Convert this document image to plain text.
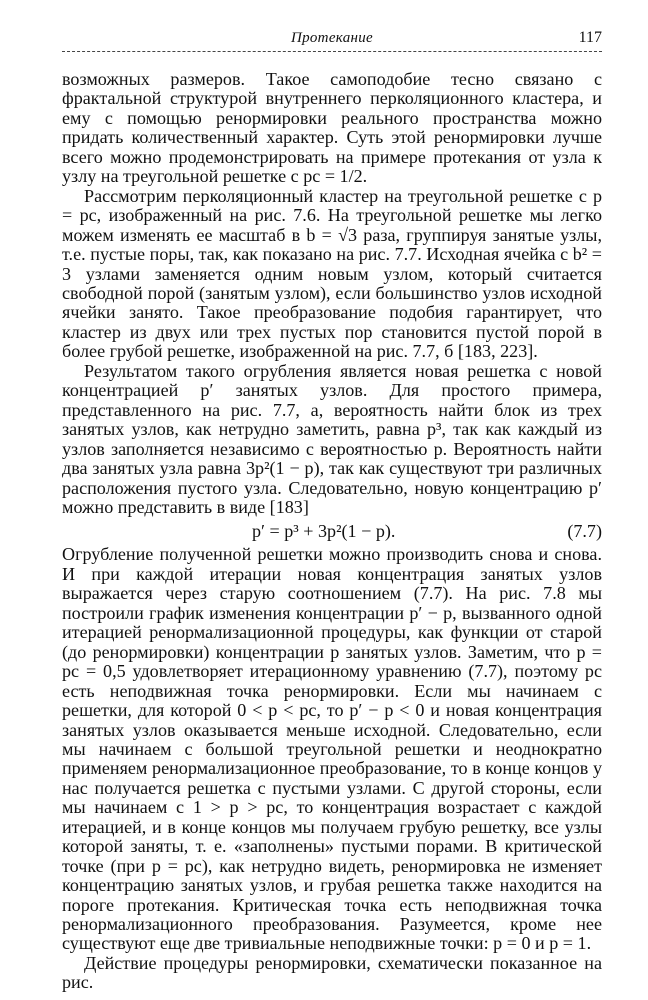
Протекание	117

возможных размеров. Такое самоподобие тесно связано с фрактальной структурой внутреннего перколяционного кластера, и ему с помощью ренормировки реального пространства можно придать количественный характер. Суть этой ренормировки лучше всего можно продемонстрировать на примере протекания от узла к узлу на треугольной решетке с pc = 1/2.

Рассмотрим перколяционный кластер на треугольной решетке с p = pc, изображенный на рис. 7.6. На треугольной решетке мы легко можем изменять ее масштаб в b = √3 раза, группируя занятые узлы, т.е. пустые поры, так, как показано на рис. 7.7. Исходная ячейка с b² = 3 узлами заменяется одним новым узлом, который считается свободной порой (занятым узлом), если большинство узлов исходной ячейки занято. Такое преобразование подобия гарантирует, что кластер из двух или трех пустых пор становится пустой порой в более грубой решетке, изображенной на рис. 7.7, б [183, 223].

Результатом такого огрубления является новая решетка с новой концентрацией p′ занятых узлов. Для простого примера, представленного на рис. 7.7, а, вероятность найти блок из трех занятых узлов, как нетрудно заметить, равна p³, так как каждый из узлов заполняется независимо с вероятностью p. Вероятность найти два занятых узла равна 3p²(1 − p), так как существуют три различных расположения пустого узла. Следовательно, новую концентрацию p′ можно представить в виде [183]

p′ = p³ + 3p²(1 − p).	(7.7)

Огрубление полученной решетки можно производить снова и снова. И при каждой итерации новая концентрация занятых узлов выражается через старую соотношением (7.7). На рис. 7.8 мы построили график изменения концентрации p′ − p, вызванного одной итерацией ренормализационной процедуры, как функции от старой (до ренормировки) концентрации p занятых узлов. Заметим, что p = pc = 0,5 удовлетворяет итерационному уравнению (7.7), поэтому pc есть неподвижная точка ренормировки. Если мы начинаем с решетки, для которой 0 < p < pc, то p′ − p < 0 и новая концентрация занятых узлов оказывается меньше исходной. Следовательно, если мы начинаем с большой треугольной решетки и неоднократно применяем ренормализационное преобразование, то в конце концов у нас получается решетка с пустыми узлами. С другой стороны, если мы начинаем с 1 > p > pc, то концентрация возрастает с каждой итерацией, и в конце концов мы получаем грубую решетку, все узлы которой заняты, т. е. «заполнены» пустыми порами. В критической точке (при p = pc), как нетрудно видеть, ренормировка не изменяет концентрацию занятых узлов, и грубая решетка также находится на пороге протекания. Критическая точка есть неподвижная точка ренормализационного преобразования. Разумеется, кроме нее существуют еще две тривиальные неподвижные точки: p = 0 и p = 1.

Действие процедуры ренормировки, схематически показанное на рис.
